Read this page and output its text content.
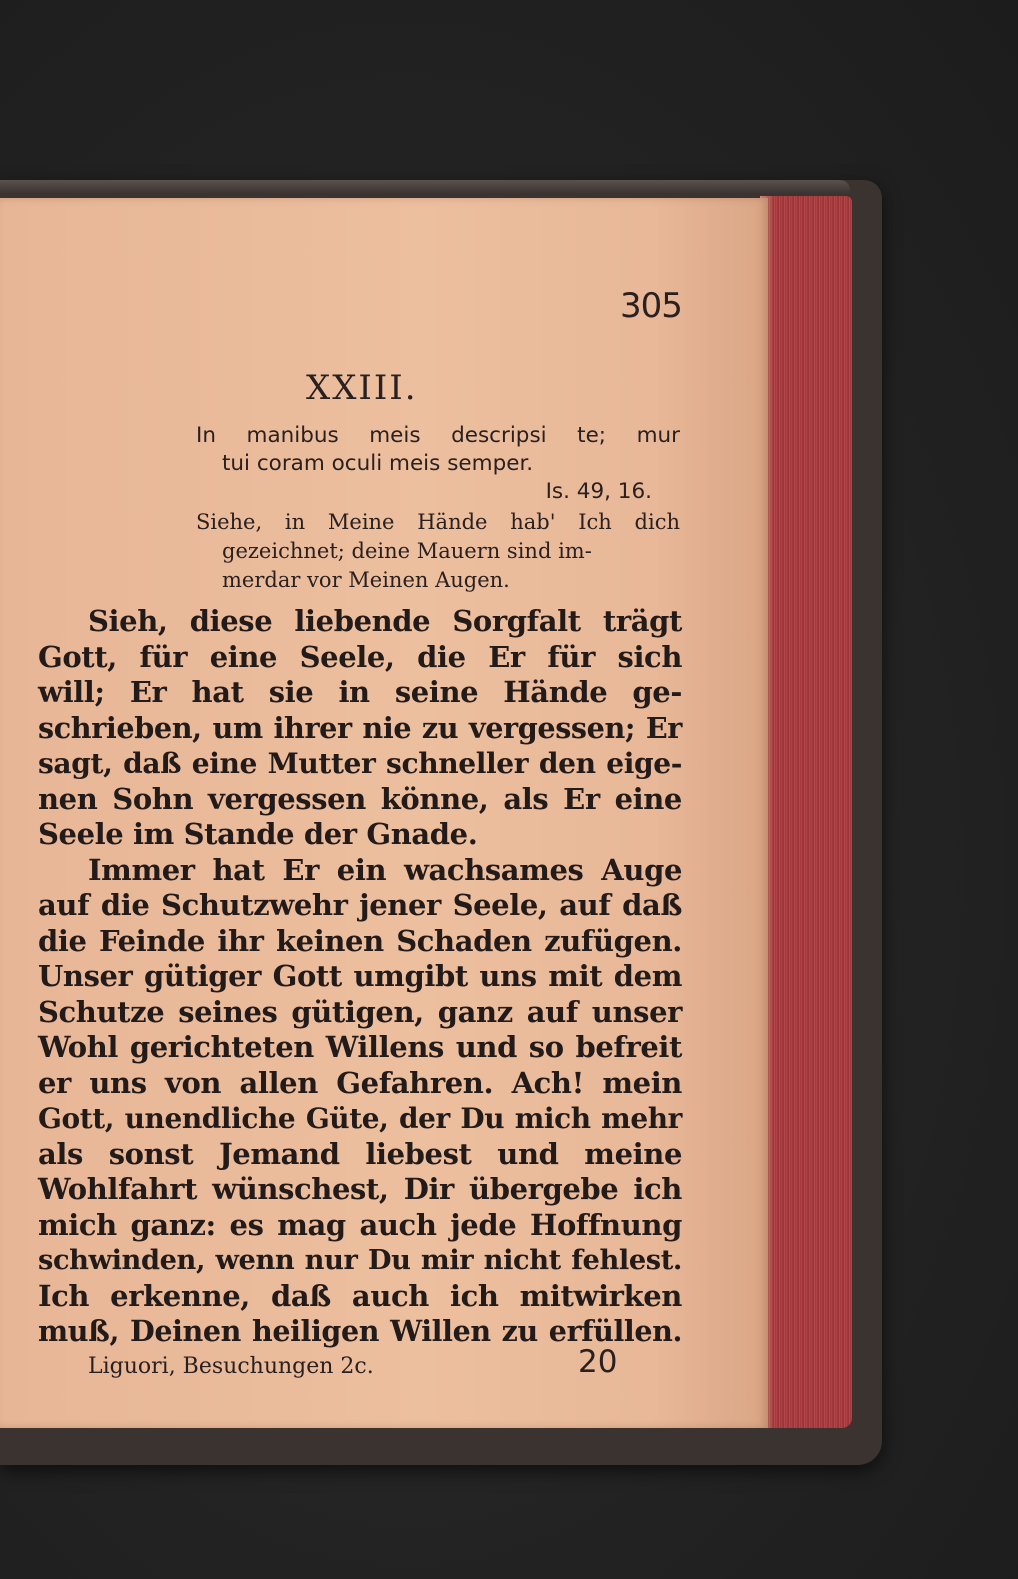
305
XXIII.
In manibus meis descripsi te; mur
tui coram oculi meis semper.
Is. 49, 16.
Siehe, in Meine Hände hab' Ich dich
gezeichnet; deine Mauern sind im-
merdar vor Meinen Augen.
Sieh, diese liebende Sorgfalt trägt
Gott, für eine Seele, die Er für sich
will; Er hat sie in seine Hände ge-
schrieben, um ihrer nie zu vergessen; Er
sagt, daß eine Mutter schneller den eige-
nen Sohn vergessen könne, als Er eine
Seele im Stande der Gnade.
Immer hat Er ein wachsames Auge
auf die Schutzwehr jener Seele, auf daß
die Feinde ihr keinen Schaden zufügen.
Unser gütiger Gott umgibt uns mit dem
Schutze seines gütigen, ganz auf unser
Wohl gerichteten Willens und so befreit
er uns von allen Gefahren. Ach! mein
Gott, unendliche Güte, der Du mich mehr
als sonst Jemand liebest und meine
Wohlfahrt wünschest, Dir übergebe ich
mich ganz: es mag auch jede Hoffnung
schwinden, wenn nur Du mir nicht fehlest.
Ich erkenne, daß auch ich mitwirken
muß, Deinen heiligen Willen zu erfüllen.
Liguori, Besuchungen 2c.	20
